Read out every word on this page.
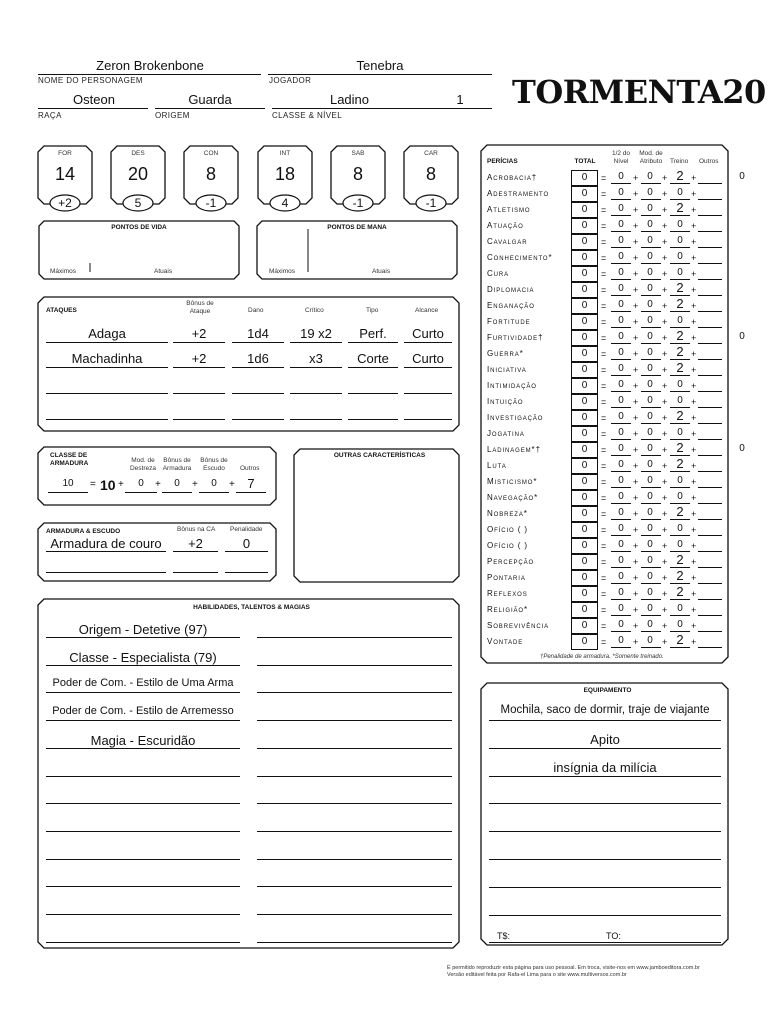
Zeron Brokenbone
NOME DO PERSONAGEM
Tenebra
JOGADOR
Osteon
RAÇA
Guarda
ORIGEM
Ladino	1
CLASSE & NÍVEL
TORMENTA20
FOR
14
+2
DES
20
5
CON
8
-1
INT
18
4
SAB
8
-1
CAR
8
-1
PONTOS DE VIDA
Máximos	Atuais
PONTOS DE MANA
Máximos	Atuais
ATAQUES
Bônus de Ataque	Dano	Crítico	Tipo	Alcance
Adaga	+2	1d4	19 x2	Perf.	Curto
Machadinha	+2	1d6	x3	Corte	Curto
CLASSE DE
ARMADURA	Mod. de Destreza
Bônus de Armadura
Bônus de Escudo	Outros
10	= 10 +	0	+	0	+	0	+ 7
ARMADURA & ESCUDO	Bônus na CA Penalidade
Armadura de couro	+2	0
OUTRAS CARACTERÍSTICAS
HABILIDADES, TALENTOS & MAGIAS
Origem - Detetive (97)
Classe - Especialista (79)
Poder de Com. - Estilo de Uma Arma
Poder de Com. - Estilo de Arremesso
Magia - Escuridão
PERÍCIAS	TOTAL
1/2 do Nível
Mod. de Atributo	Treino Outros
Acrobacia†	0	=	0	+ 0	+ 2 +	0
Adestramento	0	=	0	+ 0	+ 0 +
Atletismo	0	=	0	+ 0	+ 2 +
Atuação	0	=	0	+ 0	+ 0 +
Cavalgar	0	=	0	+ 0	+ 0 +
Conhecimento*	0	=	0	+ 0	+ 0 +
Cura	0	=	0	+ 0	+ 0 +
Diplomacia	0	=	0	+ 0	+ 2 +
Enganação	0	=	0	+ 0	+ 2 +
Fortitude	0	=	0	+ 0	+ 0 +
Furtividade†	0	=	0	+ 0	+ 2 +	0
Guerra*	0	=	0	+ 0	+ 2 +
Iniciativa	0	=	0	+ 0	+ 2 +
Intimidação	0	=	0	+ 0	+ 0 +
Intuição	0	=	0	+ 0	+ 0 +
Investigação	0	=	0	+ 0	+ 2 +
Jogatina	0	=	0	+ 0	+ 0 +
Ladinagem*†	0	=	0	+ 0	+ 2 +	0
Luta	0	=	0	+ 0	+ 2 +
Misticismo*	0	=	0	+ 0	+ 0 +
Navegação*	0	=	0	+ 0	+ 0 +
Nobreza*	0	=	0	+ 0	+ 2 +
Ofício ( )	0	=	0	+ 0	+ 0 +
Ofício ( )	0	=	0	+ 0	+ 0 +
Percepção	0	=	0	+ 0	+ 2 +
Pontaria	0	=	0	+ 0	+ 2 +
Reflexos	0	=	0	+ 0	+ 2 +
Religião*	0	=	0	+ 0	+ 0 +
Sobrevivência	0	=	0	+ 0	+ 0 +
Vontade	0	=	0	+ 0	+ 2 +
†Penalidade de armadura. *Somente treinado.
EQUIPAMENTO
Mochila, saco de dormir, traje de viajante
Apito
insígnia da milícia
T$:	TO:
É permitido reproduzir esta página para uso pessoal. Em troca, visite-nos em www.jamboeditora.com.br
Versão editável feita por Rafa-el Lima para o site www.multiversos.com.br
